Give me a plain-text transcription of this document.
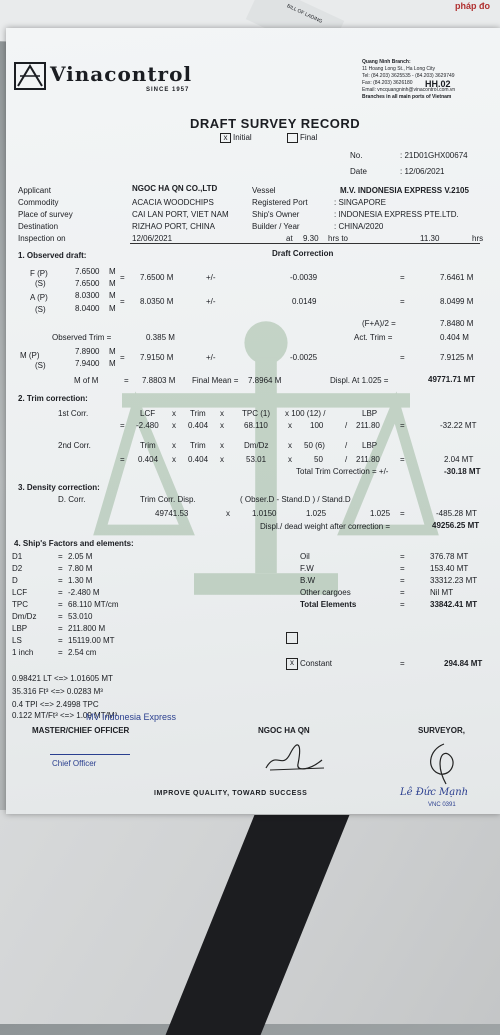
pháp đo
BILL OF LADING
Vinacontrol
SINCE 1957
Quang Ninh Branch:
11 Hoang Long St., Ha Long City
Tel: (84.203) 3625535 - (84.203) 3629749
Fax: (84.203) 3626180
Email: vncquangninh@vinacontrol.com.vn
Branches in all main ports of Vietnam
HH.02
DRAFT SURVEY RECORD
x Initial	Final
No.	: 21D01GHX00674
Date	: 12/06/2021
Applicant	NGOC HA QN CO.,LTD
Commodity	ACACIA WOODCHIPS
Place of survey	CAI LAN PORT, VIET NAM
Destination	RIZHAO PORT, CHINA
Inspection on	12/06/2021
Vessel	M.V. INDONESIA EXPRESS V.2105
Registered Port	: SINGAPORE
Ship's Owner	: INDONESIA EXPRESS PTE.LTD.
Builder / Year	: CHINA/2020
at 9.30 hrs to	11.30	hrs
1. Observed draft:	Draft Correction
F (P)	7.6500 M
(S)	7.6500 M
= 7.6500 M	+/-	-0.0039	=	7.6461 M
A (P)	8.0300 M
(S)	8.0400 M
= 8.0350 M	+/-	0.0149	=	8.0499 M
(F+A)/2 =	7.8480 M
Observed Trim =	0.385 M	Act. Trim =	0.404 M
M (P)	7.8900 M
(S)	7.9400 M
= 7.9150 M	+/-	-0.0025	=	7.9125 M
M of M	= 7.8803 M Final Mean = 7.8964 M	Displ. At 1.025 =	49771.71 MT
2. Trim correction:
1st Corr.	LCF x Trim x TPC (1) x 100 (12) /	LBP
= -2.480 x 0.404 x	68.110	x 100	/ 211.80	=	-32.22 MT
2nd Corr.	Trim x Trim x	Dm/Dz x 50 (6)	/ LBP
= 0.404 x 0.404 x	53.01	x	50	/ 211.80	=	2.04 MT
Total Trim Correction = +/-	-30.18 MT
3. Density correction:
D. Corr.	Trim Corr. Disp.	( Obser.D - Stand.D ) / Stand.D
49741.53	x	1.0150	1.025	1.025 =	-485.28 MT
Displ./ dead weight after correction =	49256.25 MT
4. Ship's Factors and elements:
D1	= 2.05 M
D2	= 7.80 M
D	= 1.30 M
LCF	= -2.480 M
TPC	= 68.110 MT/cm
Dm/Dz	= 53.010
LBP	= 211.800 M
LS	= 15119.00 MT
1 inch	= 2.54 cm
Oil	=	376.78 MT
F.W	=	153.40 MT
B.W	=	33312.23 MT
Other cargoes	=	Nil MT
Total Elements	=	33842.41 MT
0.98421 LT <=> 1.01605 MT
35.316 Ft³ <=> 0.0283 M³
0.4 TPI <=> 2.4998 TPC
0.122 MT/Ft³ <=> 1.09 MT/M³
x Constant	=	294.84 MT
MV Indonesia Express
MASTER/CHIEF OFFICER	NGOC HA QN	SURVEYOR,
Chief Officer
Lê Đức Mạnh
VNC 0391
IMPROVE QUALITY, TOWARD SUCCESS
